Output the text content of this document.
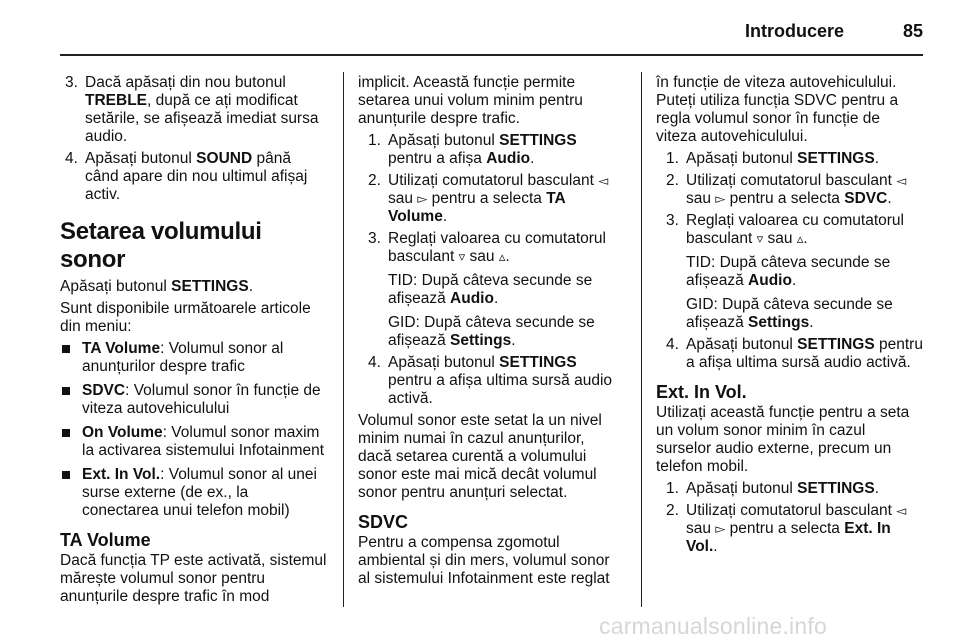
Introducere	85
3. Dacă apăsați din nou butonul TREBLE, după ce ați modificat setările, se afișează imediat sursa audio.
4. Apăsați butonul SOUND până când apare din nou ultimul afișaj activ.
Setarea volumului sonor

Apăsați butonul SETTINGS.

Sunt disponibile următoarele articole din meniu:

TA Volume: Volumul sonor al anunțurilor despre trafic
SDVC: Volumul sonor în funcție de viteza autovehiculului
On Volume: Volumul sonor maxim la activarea sistemului Infotainment
Ext. In Vol.: Volumul sonor al unei surse externe (de ex., la conectarea unui telefon mobil)
TA Volume

Dacă funcția TP este activată, sistemul mărește volumul sonor pentru anunțurile despre trafic în mod

implicit. Această funcție permite setarea unui volum minim pentru anunțurile despre trafic.

1. Apăsați butonul SETTINGS pentru a afișa Audio.
2. Utilizați comutatorul basculant ◅ sau ▻ pentru a selecta TA Volume.
3. Reglați valoarea cu comutatorul basculant ▿ sau ▵.

TID: După câteva secunde se afișează Audio.

GID: După câteva secunde se afișează Settings.

4. Apăsați butonul SETTINGS pentru a afișa ultima sursă audio activă.

Volumul sonor este setat la un nivel minim numai în cazul anunțurilor, dacă setarea curentă a volumului sonor este mai mică decât volumul sonor pentru anunțuri selectat.

SDVC

Pentru a compensa zgomotul ambiental și din mers, volumul sonor al sistemului Infotainment este reglat

în funcție de viteza autovehiculului. Puteți utiliza funcția SDVC pentru a regla volumul sonor în funcție de viteza autovehiculului.

1. Apăsați butonul SETTINGS.
2. Utilizați comutatorul basculant ◅ sau ▻ pentru a selecta SDVC.
3. Reglați valoarea cu comutatorul basculant ▿ sau ▵.

TID: După câteva secunde se afișează Audio.

GID: După câteva secunde se afișează Settings.

4. Apăsați butonul SETTINGS pentru a afișa ultima sursă audio activă.
Ext. In Vol.

Utilizați această funcție pentru a seta un volum sonor minim în cazul surselor audio externe, precum un telefon mobil.

1. Apăsați butonul SETTINGS.
2. Utilizați comutatorul basculant ◅ sau ▻ pentru a selecta Ext. In Vol..
carmanualsonline.info
